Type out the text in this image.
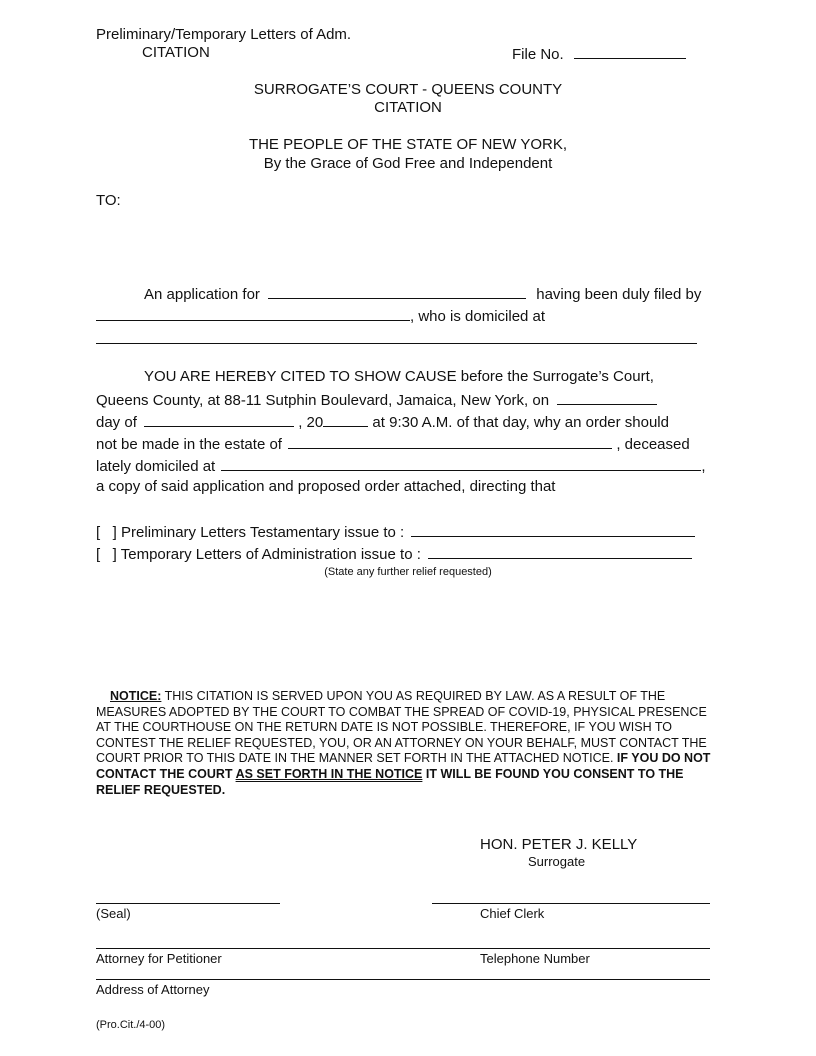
Preliminary/Temporary Letters of Adm.
CITATION	File No.
SURROGATE’S COURT - QUEENS COUNTY
CITATION
THE PEOPLE OF THE STATE OF NEW YORK,
By the Grace of God Free and Independent
TO:
An application for	having been duly filed by
, who is domiciled at
YOU ARE HEREBY CITED TO SHOW CAUSE before the Surrogate’s Court,
Queens County, at 88-11 Sutphin Boulevard, Jamaica, New York, on
day of	, 20	at 9:30 A.M. of that day, why an order should
not be made in the estate of	, deceased
lately domiciled at	,
a copy of said application and proposed order attached, directing that
[   ] Preliminary Letters Testamentary issue to :
[   ] Temporary Letters of Administration issue to :
(State any further relief requested)
NOTICE: THIS CITATION IS SERVED UPON YOU AS REQUIRED BY LAW. AS A RESULT OF THE MEASURES ADOPTED BY THE COURT TO COMBAT THE SPREAD OF COVID-19, PHYSICAL PRESENCE AT THE COURTHOUSE ON THE RETURN DATE IS NOT POSSIBLE. THEREFORE, IF YOU WISH TO CONTEST THE RELIEF REQUESTED, YOU, OR AN ATTORNEY ON YOUR BEHALF, MUST CONTACT THE COURT PRIOR TO THIS DATE IN THE MANNER SET FORTH IN THE ATTACHED NOTICE. IF YOU DO NOT CONTACT THE COURT AS SET FORTH IN THE NOTICE IT WILL BE FOUND YOU CONSENT TO THE RELIEF REQUESTED.
HON. PETER J. KELLY
Surrogate
(Seal)	Chief Clerk
Attorney for Petitioner	Telephone Number
Address of Attorney
(Pro.Cit./4-00)
